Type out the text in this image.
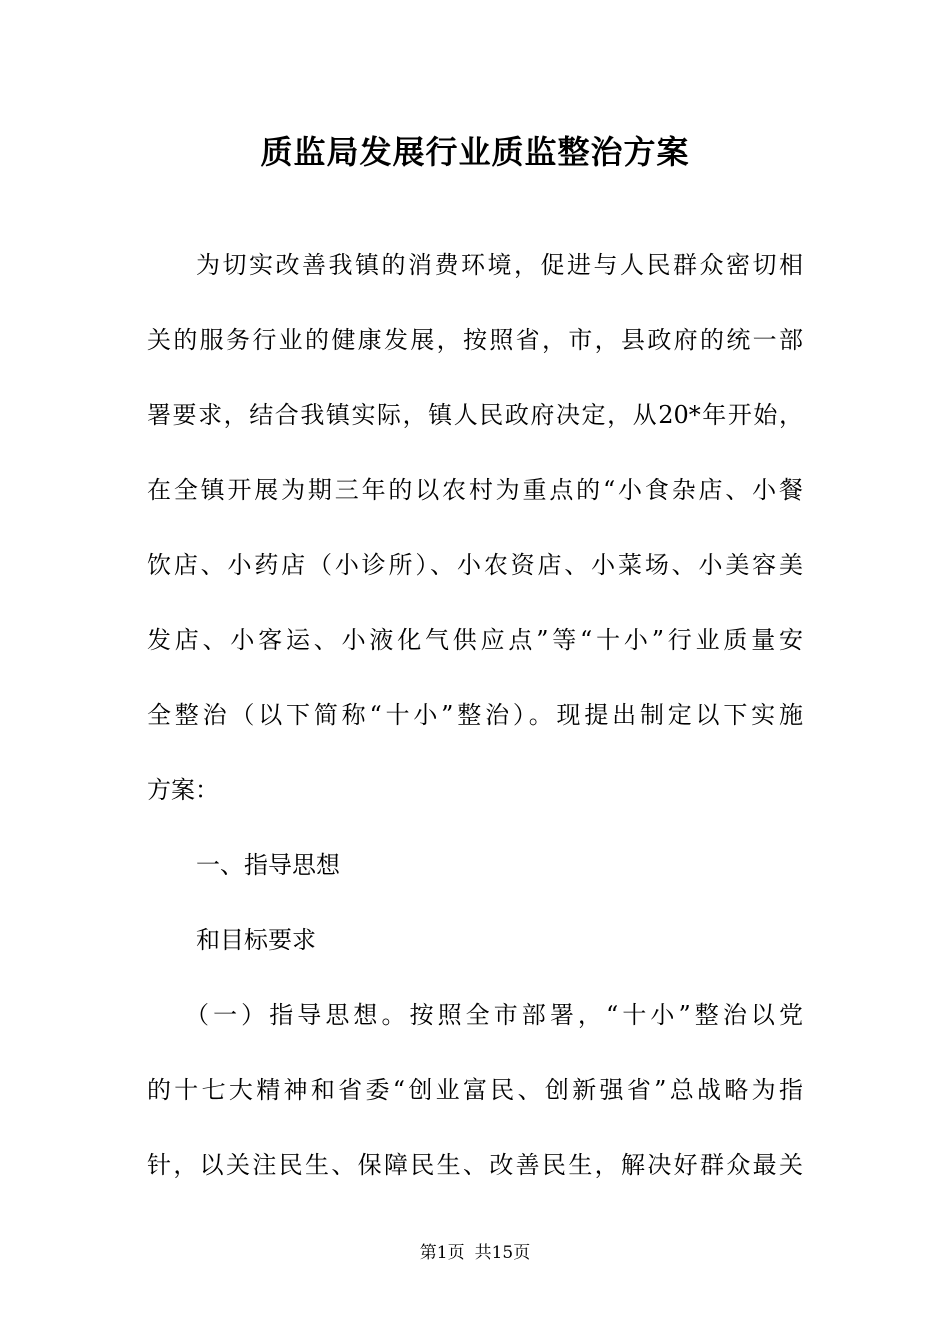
质监局发展行业质监整治方案
为切实改善我镇的消费环境，促进与人民群众密切相
关的服务行业的健康发展，按照省，市，县政府的统一部
署要求，结合我镇实际，镇人民政府决定，从20*年开始，
在全镇开展为期三年的以农村为重点的“小食杂店、小餐
饮店、小药店（小诊所）、小农资店、小菜场、小美容美
发店、小客运、小液化气供应点”等“十小”行业质量安
全整治（以下简称“十小”整治）。现提出制定以下实施
方案：
一、指导思想
和目标要求
（一）指导思想。按照全市部署，“十小”整治以党
的十七大精神和省委“创业富民、创新强省”总战略为指
针，以关注民生、保障民生、改善民生，解决好群众最关
第1页 共15页
